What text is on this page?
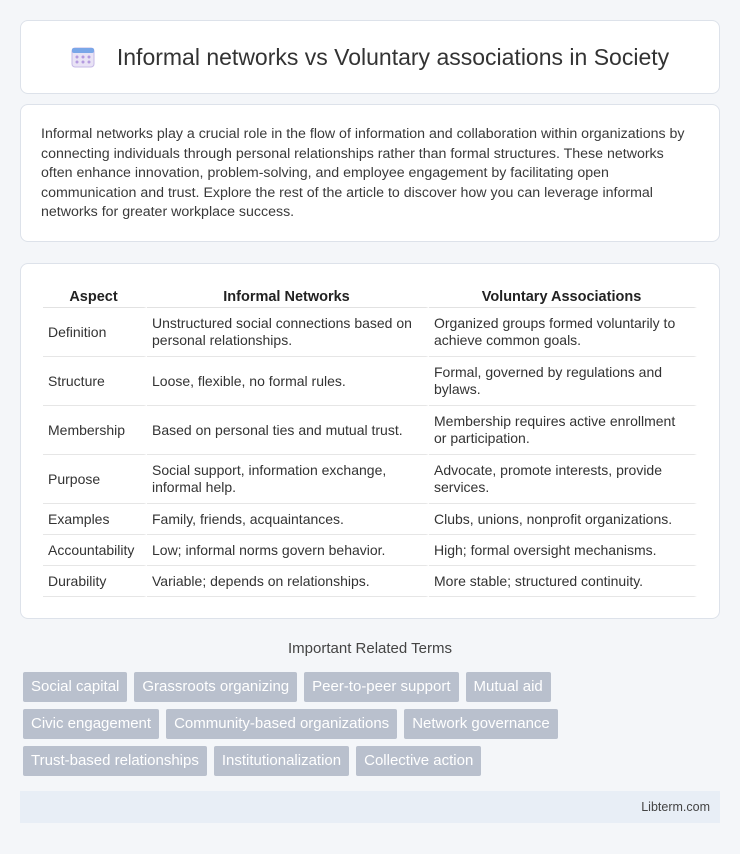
Informal networks vs Voluntary associations in Society

Informal networks play a crucial role in the flow of information and collaboration within organizations by connecting individuals through personal relationships rather than formal structures. These networks often enhance innovation, problem-solving, and employee engagement by facilitating open communication and trust. Explore the rest of the article to discover how you can leverage informal networks for greater workplace success.

Aspect	Informal Networks	Voluntary Associations
Definition	Unstructured social connections based on personal relationships.	Organized groups formed voluntarily to achieve common goals.
Structure	Loose, flexible, no formal rules.	Formal, governed by regulations and bylaws.
Membership	Based on personal ties and mutual trust.	Membership requires active enrollment or participation.
Purpose	Social support, information exchange, informal help.	Advocate, promote interests, provide services.
Examples	Family, friends, acquaintances.	Clubs, unions, nonprofit organizations.
Accountability	Low; informal norms govern behavior.	High; formal oversight mechanisms.
Durability	Variable; depends on relationships.	More stable; structured continuity.
Important Related Terms
Social capital	Grassroots organizing	Peer-to-peer support	Mutual aid
Civic engagement	Community-based organizations	Network governance
Trust-based relationships	Institutionalization	Collective action
Libterm.com
